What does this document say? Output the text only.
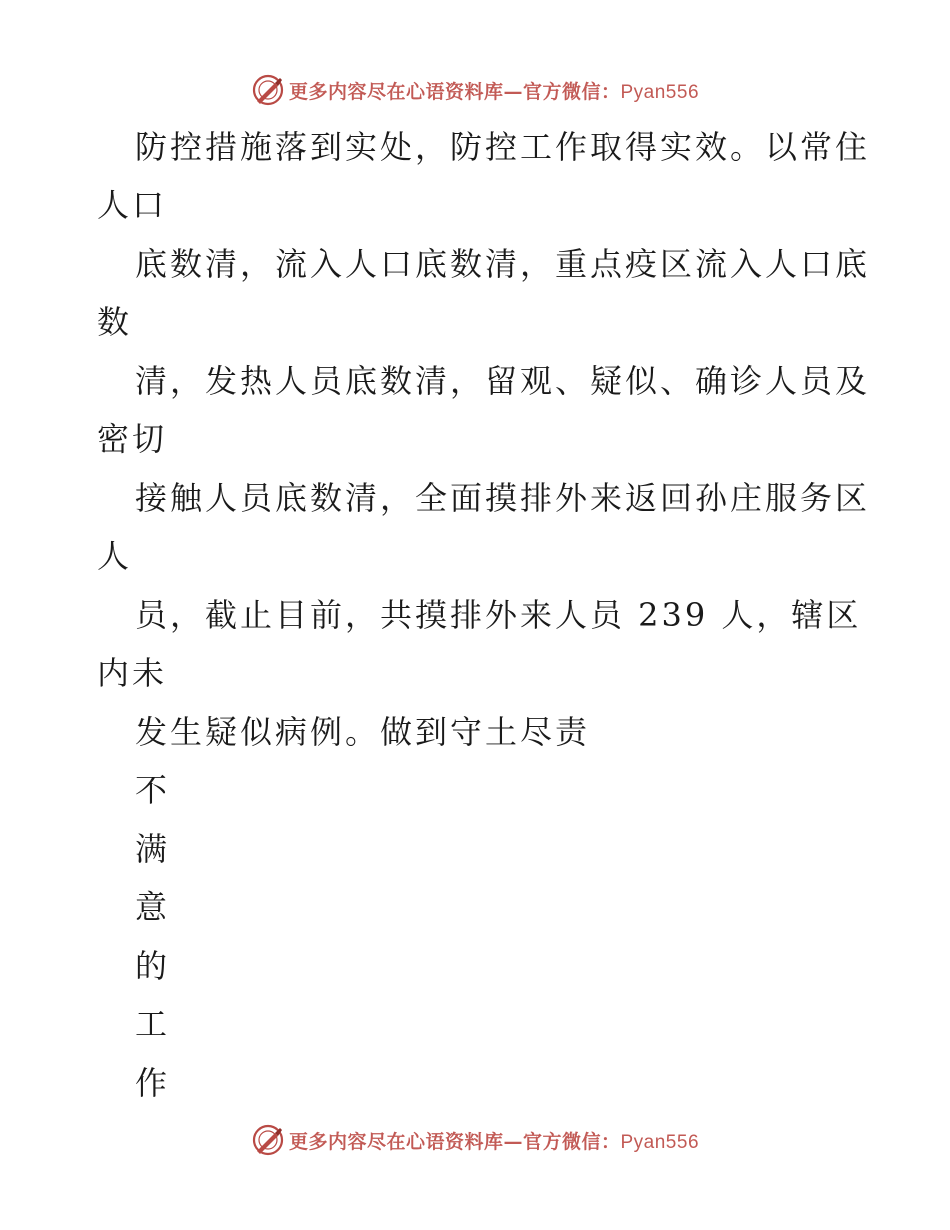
更多内容尽在心语资料库—官方微信：Pyan556
防控措施落到实处，防控工作取得实效。以常住
人口
底数清，流入人口底数清，重点疫区流入人口底
数
清，发热人员底数清，留观、疑似、确诊人员及
密切
接触人员底数清，全面摸排外来返回孙庄服务区
人
员，截止目前，共摸排外来人员 239 人，辖区
内未
发生疑似病例。做到守土尽责
不
满
意
的
工
作
更多内容尽在心语资料库—官方微信：Pyan556
